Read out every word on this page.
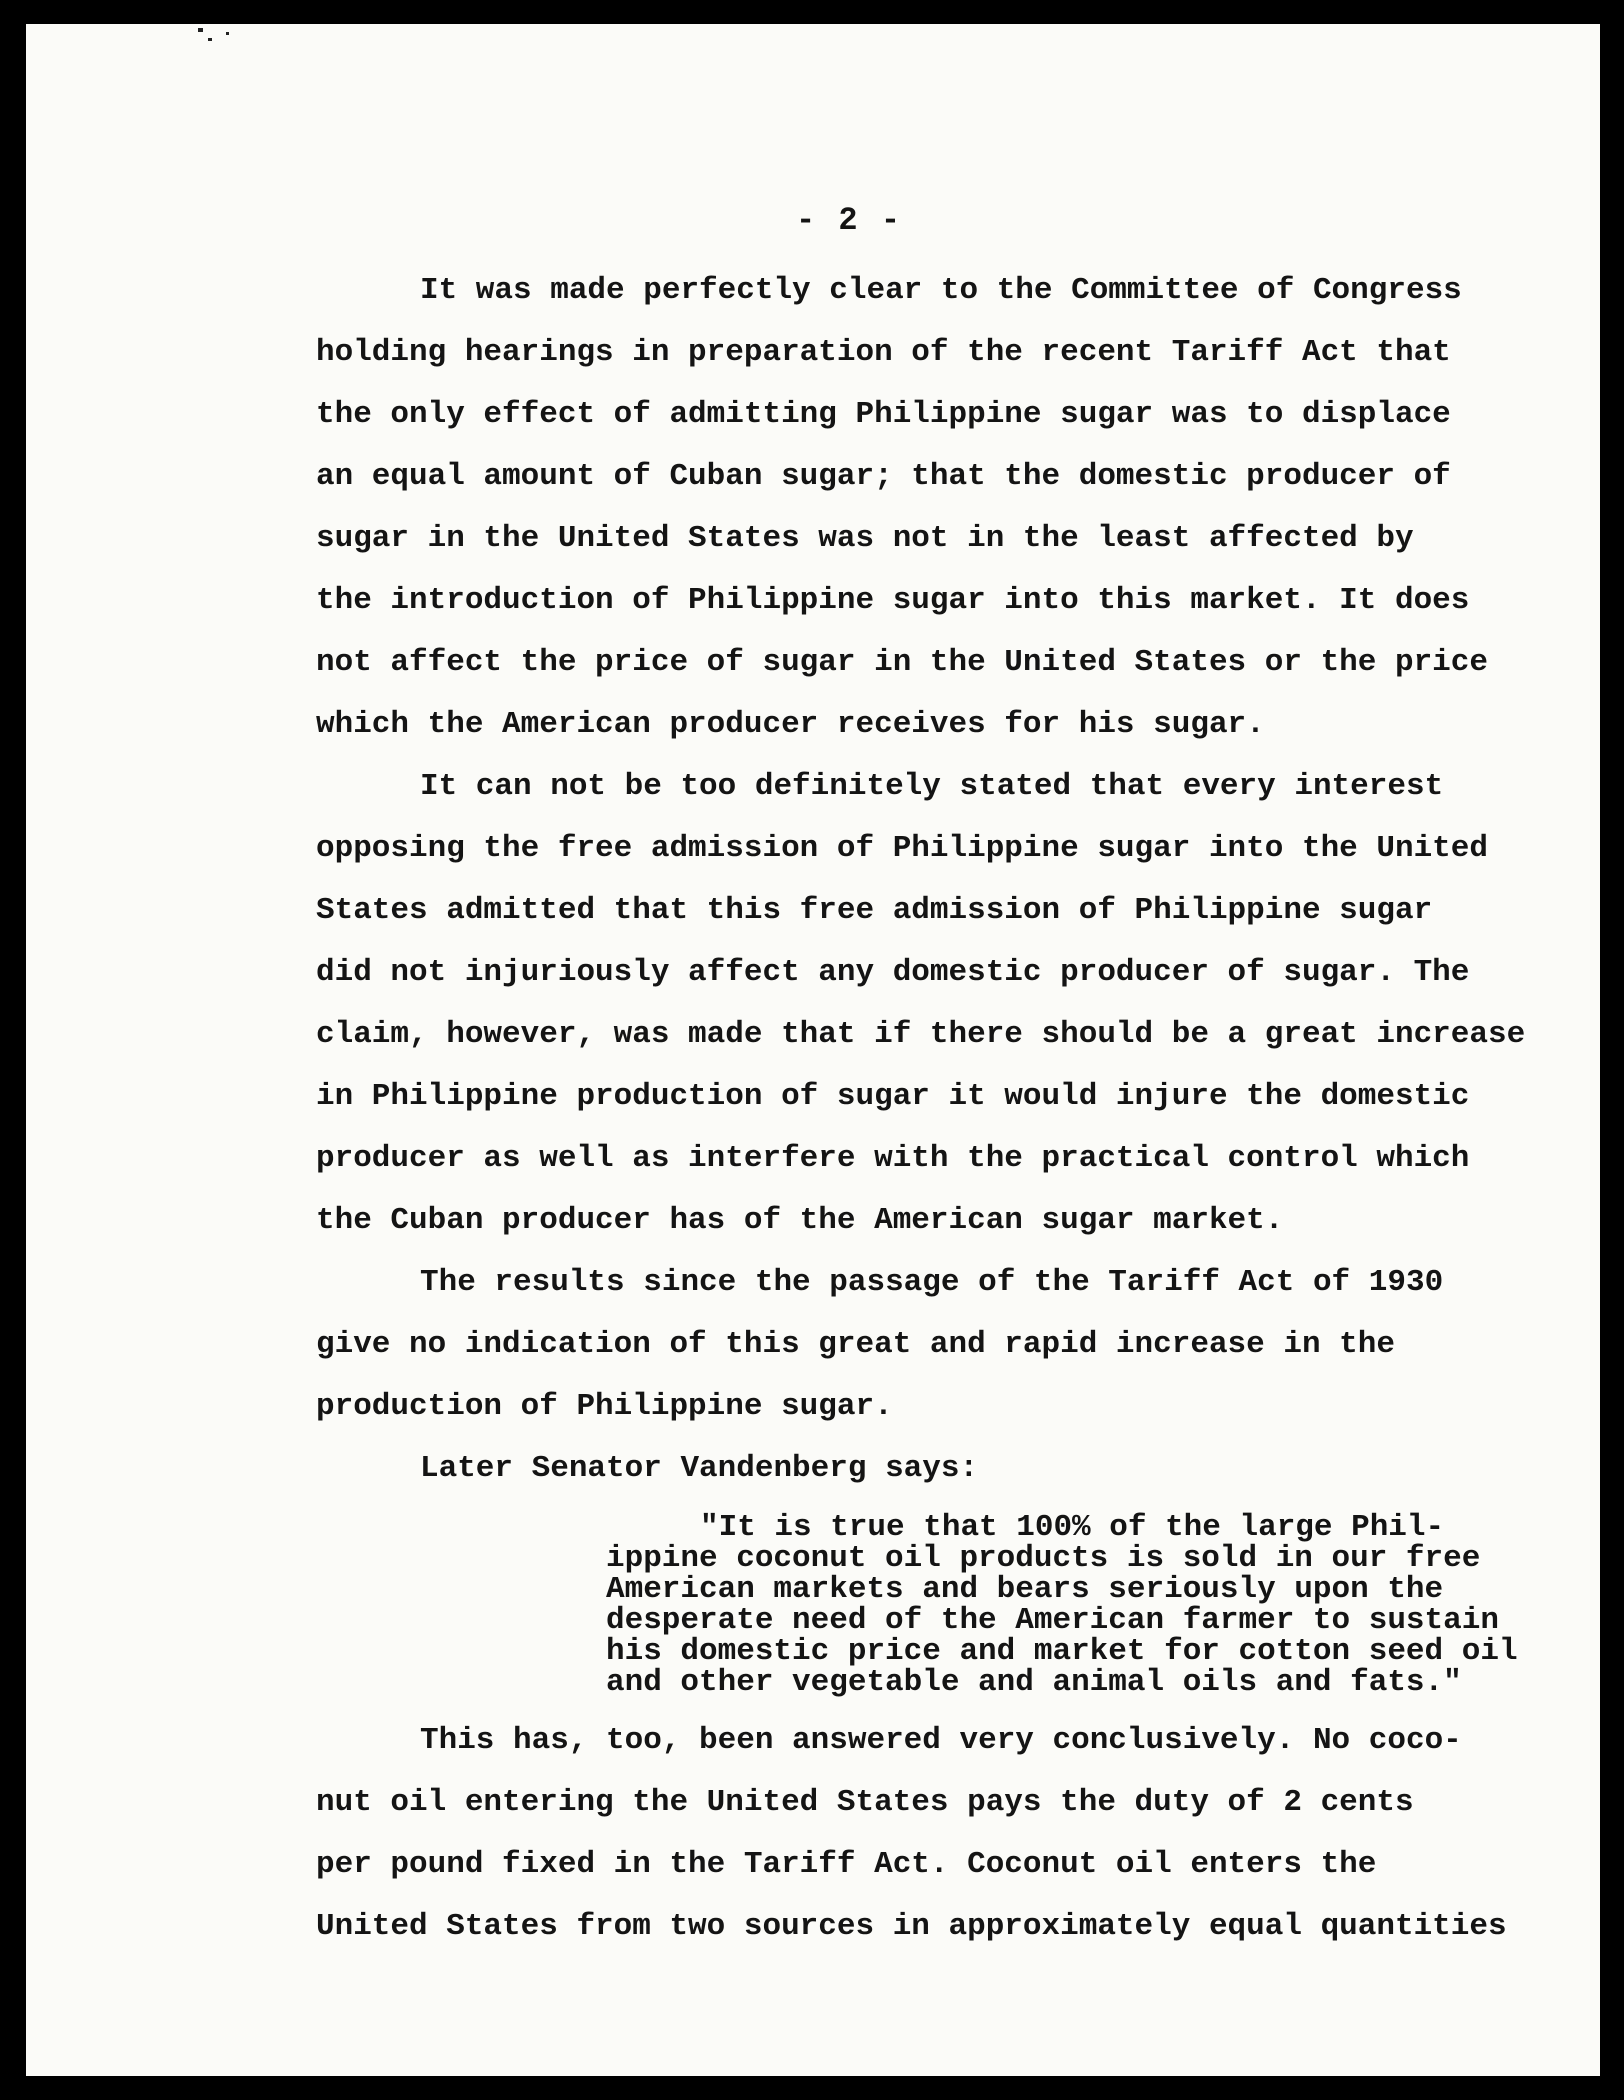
- 2 -
It was made perfectly clear to the Committee of Congress
holding hearings in preparation of the recent Tariff Act that
the only effect of admitting Philippine sugar was to displace
an equal amount of Cuban sugar; that the domestic producer of
sugar in the United States was not in the least affected by
the introduction of Philippine sugar into this market. It does
not affect the price of sugar in the United States or the price
which the American producer receives for his sugar.
It can not be too definitely stated that every interest
opposing the free admission of Philippine sugar into the United
States admitted that this free admission of Philippine sugar
did not injuriously affect any domestic producer of sugar. The
claim, however, was made that if there should be a great increase
in Philippine production of sugar it would injure the domestic
producer as well as interfere with the practical control which
the Cuban producer has of the American sugar market.
The results since the passage of the Tariff Act of 1930
give no indication of this great and rapid increase in the
production of Philippine sugar.
Later Senator Vandenberg says:
"It is true that 100% of the large Phil-
ippine coconut oil products is sold in our free
American markets and bears seriously upon the
desperate need of the American farmer to sustain
his domestic price and market for cotton seed oil
and other vegetable and animal oils and fats."
This has, too, been answered very conclusively. No coco-
nut oil entering the United States pays the duty of 2 cents
per pound fixed in the Tariff Act. Coconut oil enters the
United States from two sources in approximately equal quantities
